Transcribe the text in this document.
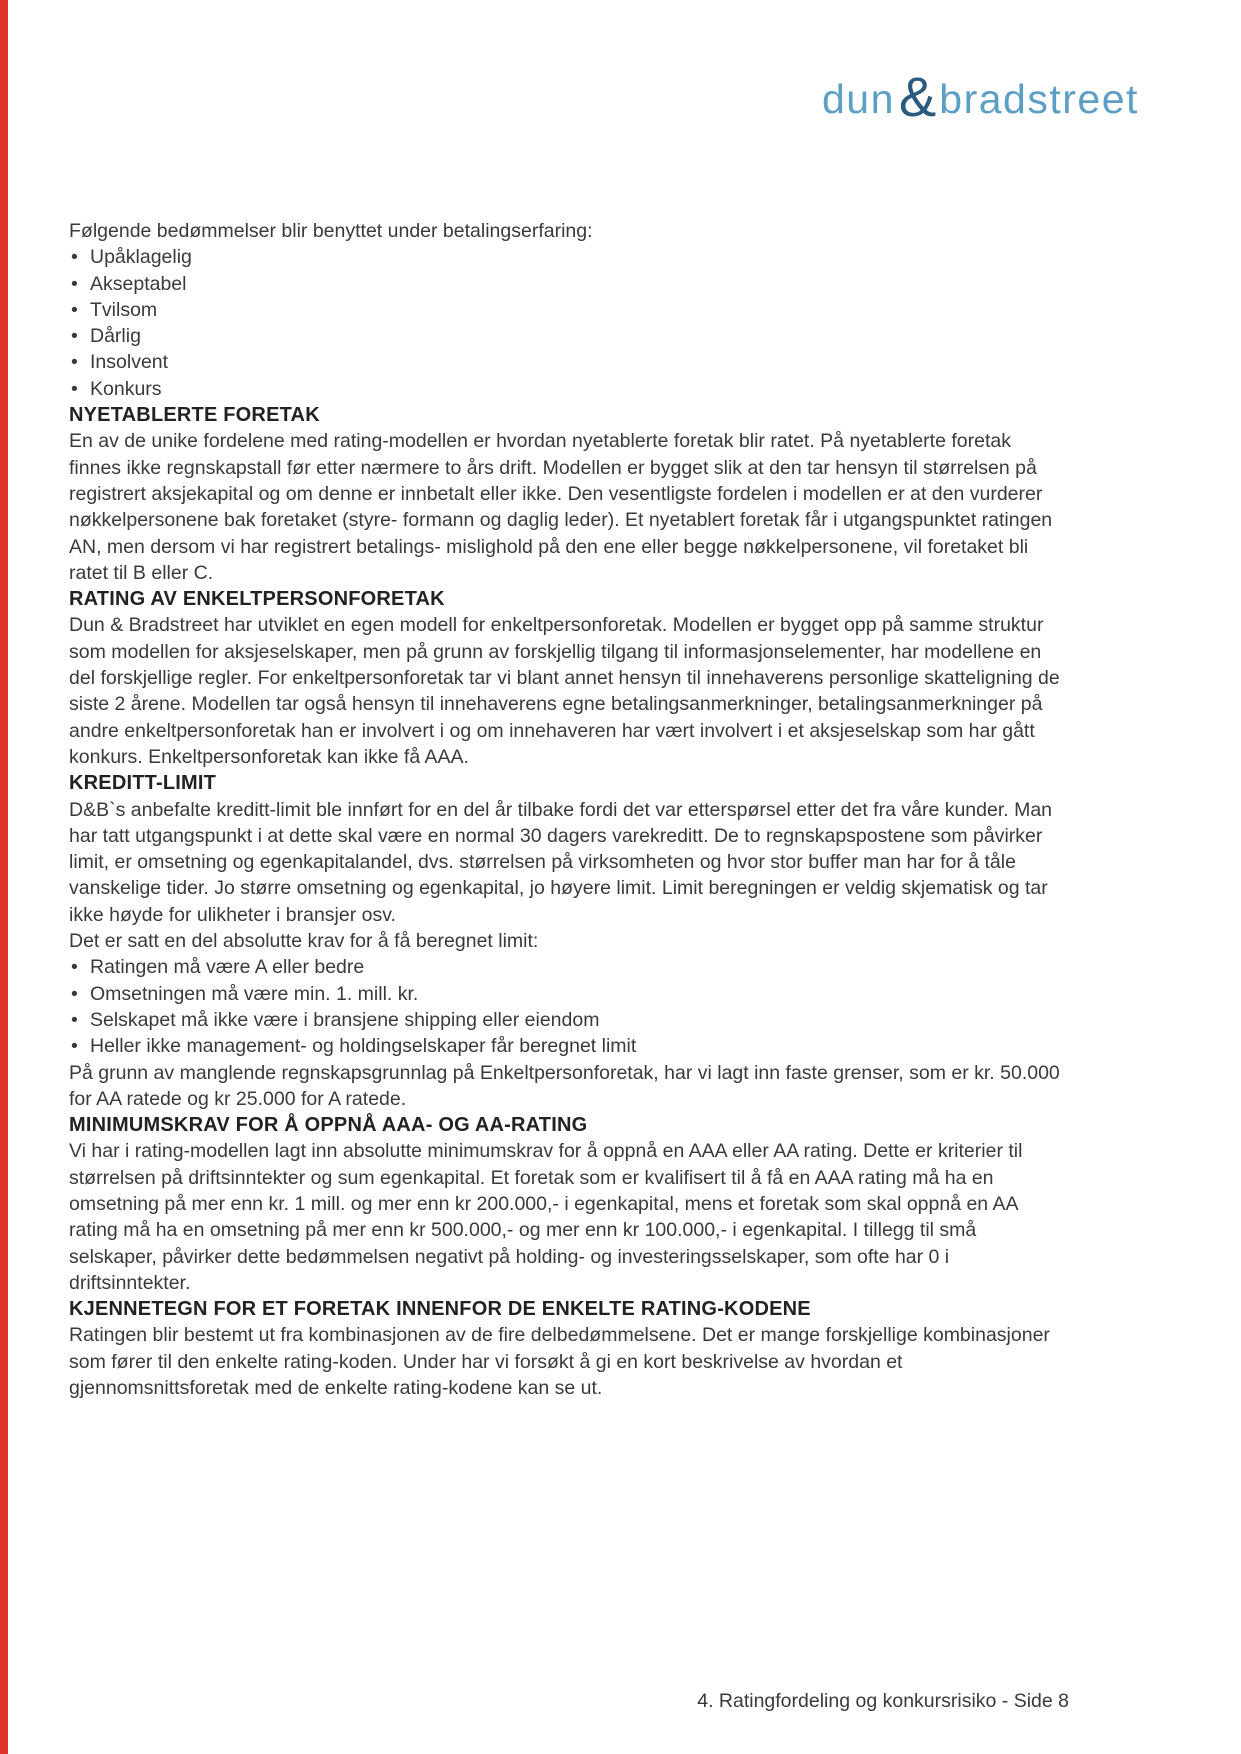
dun & bradstreet

Følgende bedømmelser blir benyttet under betalingserfaring:

• Upåklagelig
• Akseptabel
• Tvilsom
• Dårlig
• Insolvent
• Konkurs

NYETABLERTE FORETAK

En av de unike fordelene med rating-modellen er hvordan nyetablerte foretak blir ratet. På nyetablerte foretak finnes ikke regnskapstall før etter nærmere to års drift. Modellen er bygget slik at den tar hensyn til størrelsen på registrert aksjekapital og om denne er innbetalt eller ikke. Den vesentligste fordelen i modellen er at den vurderer nøkkelpersonene bak foretaket (styre- formann og daglig leder). Et nyetablert foretak får i utgangspunktet ratingen AN, men dersom vi har registrert betalings- mislighold på den ene eller begge nøkkelpersonene, vil foretaket bli ratet til B eller C.

RATING AV ENKELTPERSONFORETAK

Dun & Bradstreet har utviklet en egen modell for enkeltpersonforetak. Modellen er bygget opp på samme struktur som modellen for aksjeselskaper, men på grunn av forskjellig tilgang til informasjonselementer, har modellene en del forskjellige regler. For enkeltpersonforetak tar vi blant annet hensyn til innehaverens personlige skatteligning de siste 2 årene. Modellen tar også hensyn til innehaverens egne betalingsanmerkninger, betalingsanmerkninger på andre enkeltpersonforetak han er involvert i og om innehaveren har vært involvert i et aksjeselskap som har gått konkurs. Enkeltpersonforetak kan ikke få AAA.

KREDITT-LIMIT

D&B`s anbefalte kreditt-limit ble innført for en del år tilbake fordi det var etterspørsel etter det fra våre kunder. Man har tatt utgangspunkt i at dette skal være en normal 30 dagers varekreditt. De to regnskapspostene som påvirker limit, er omsetning og egenkapitalandel, dvs. størrelsen på virksomheten og hvor stor buffer man har for å tåle vanskelige tider. Jo større omsetning og egenkapital, jo høyere limit. Limit beregningen er veldig skjematisk og tar ikke høyde for ulikheter i bransjer osv.

Det er satt en del absolutte krav for å få beregnet limit:

• Ratingen må være A eller bedre
• Omsetningen må være min. 1. mill. kr.
• Selskapet må ikke være i bransjene shipping eller eiendom
• Heller ikke management- og holdingselskaper får beregnet limit

På grunn av manglende regnskapsgrunnlag på Enkeltpersonforetak, har vi lagt inn faste grenser, som er kr. 50.000 for AA ratede og kr 25.000 for A ratede.

MINIMUMSKRAV FOR Å OPPNÅ AAA- OG AA-RATING

Vi har i rating-modellen lagt inn absolutte minimumskrav for å oppnå en AAA eller AA rating. Dette er kriterier til størrelsen på driftsinntekter og sum egenkapital. Et foretak som er kvalifisert til å få en AAA rating må ha en omsetning på mer enn kr. 1 mill. og mer enn kr 200.000,- i egenkapital, mens et foretak som skal oppnå en AA rating må ha en omsetning på mer enn kr 500.000,- og mer enn kr 100.000,- i egenkapital. I tillegg til små selskaper, påvirker dette bedømmelsen negativt på holding- og investeringsselskaper, som ofte har 0 i driftsinntekter.

KJENNETEGN FOR ET FORETAK INNENFOR DE ENKELTE RATING-KODENE

Ratingen blir bestemt ut fra kombinasjonen av de fire delbedømmelsene. Det er mange forskjellige kombinasjoner som fører til den enkelte rating-koden. Under har vi forsøkt å gi en kort beskrivelse av hvordan et gjennomsnittsforetak med de enkelte rating-kodene kan se ut.

4. Ratingfordeling og konkursrisiko - Side 8
